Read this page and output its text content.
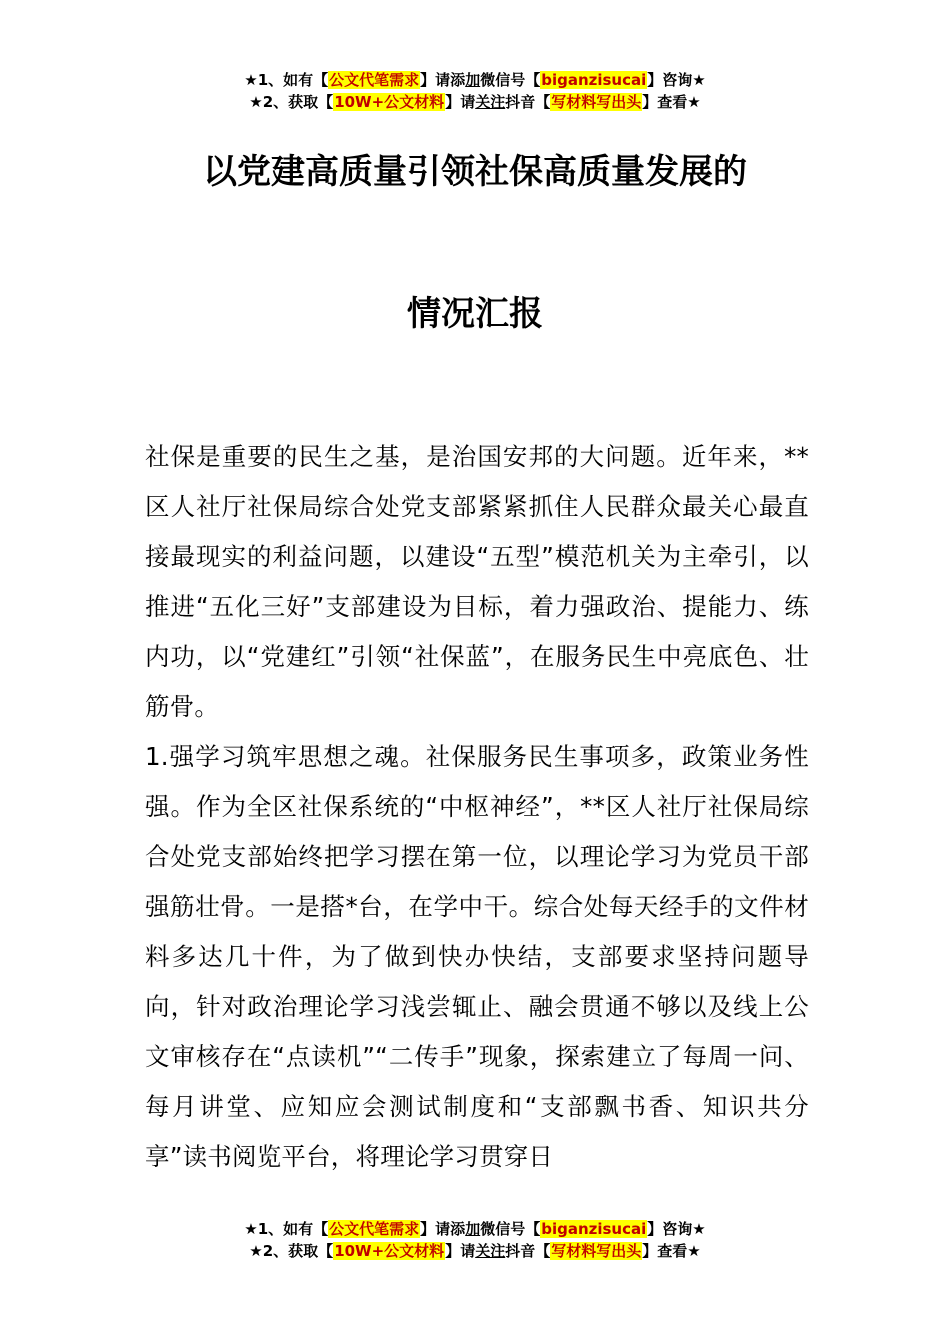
★1、如有【公文代笔需求】请添加微信号【biganzisucai】咨询★
★2、获取【10W+公文材料】请关注抖音【写材料写出头】查看★
以党建高质量引领社保高质量发展的
情况汇报

社保是重要的民生之基，是治国安邦的大问题。近年来，**区人社厅社保局综合处党支部紧紧抓住人民群众最关心最直接最现实的利益问题，以建设“五型”模范机关为主牵引，以推进“五化三好”支部建设为目标，着力强政治、提能力、练内功，以“党建红”引领“社保蓝”，在服务民生中亮底色、壮筋骨。

1.强学习筑牢思想之魂。社保服务民生事项多，政策业务性强。作为全区社保系统的“中枢神经”，**区人社厅社保局综合处党支部始终把学习摆在第一位，以理论学习为党员干部强筋壮骨。一是搭*台，在学中干。综合处每天经手的文件材料多达几十件，为了做到快办快结，支部要求坚持问题导向，针对政治理论学习浅尝辄止、融会贯通不够以及线上公文审核存在“点读机”“二传手”现象，探索建立了每周一问、每月讲堂、应知应会测试制度和“支部飘书香、知识共分享”读书阅览平台，将理论学习贯穿日

★1、如有【公文代笔需求】请添加微信号【biganzisucai】咨询★
★2、获取【10W+公文材料】请关注抖音【写材料写出头】查看★
